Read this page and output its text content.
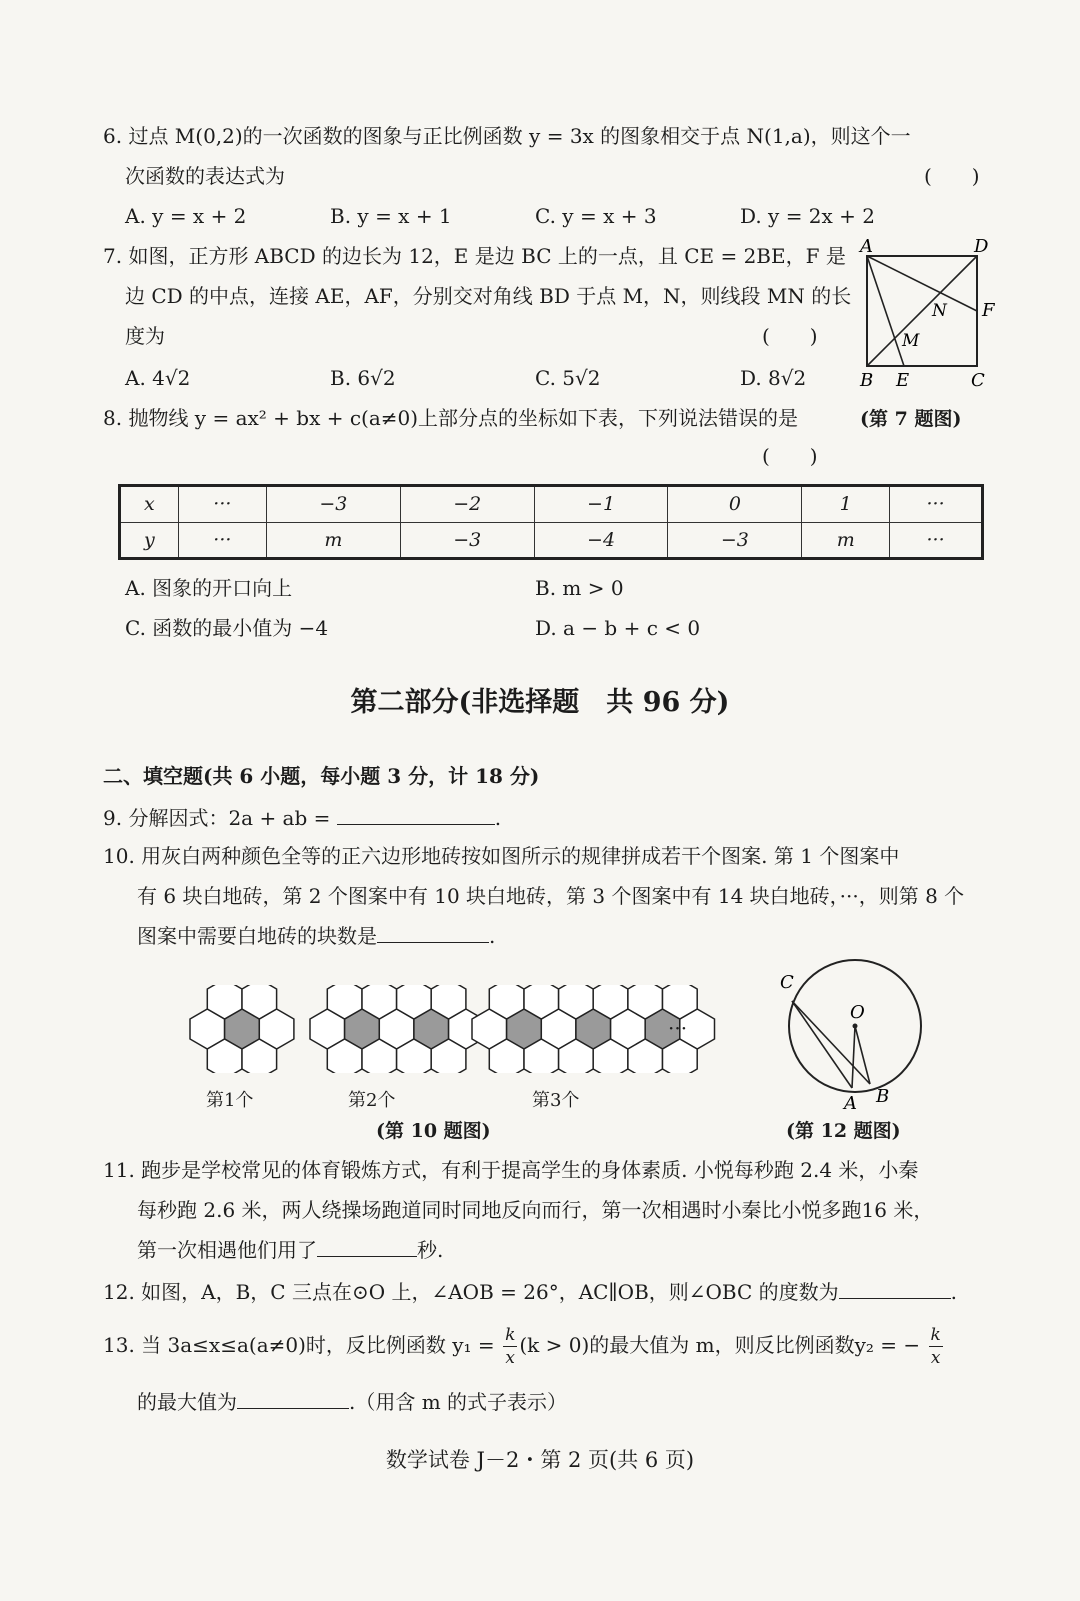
6. 过点 M(0,2)的一次函数的图象与正比例函数 y = 3x 的图象相交于点 N(1,a)，则这个一
次函数的表达式为	(　　)
A. y = x + 2	B. y = x + 1	C. y = x + 3	D. y = 2x + 2
7. 如图，正方形 ABCD 的边长为 12，E 是边 BC 上的一点，且 CE = 2BE，F 是
边 CD 的中点，连接 AE，AF，分别交对角线 BD 于点 M，N，则线段 MN 的长
度为	(　　)
A. 4√2	B. 6√2	C. 5√2	D. 8√2
A	D
N F
M
B E	C
(第 7 题图)
8. 抛物线 y = ax² + bx + c(a≠0)上部分点的坐标如下表，下列说法错误的是
(　　)
x	···	−3	−2	−1	0	1	···
y	···	m	−3	−4	−3	m	···
A. 图象的开口向上	B. m > 0
C. 函数的最小值为 −4	D. a − b + c < 0
第二部分(非选择题　共 96 分)
二、填空题(共 6 小题，每小题 3 分，计 18 分)
9. 分解因式：2a + ab =	.
10. 用灰白两种颜色全等的正六边形地砖按如图所示的规律拼成若干个图案. 第 1 个图案中
有 6 块白地砖，第 2 个图案中有 10 块白地砖，第 3 个图案中有 14 块白地砖，···，则第 8 个
图案中需要白地砖的块数是	.
···
第1个	第2个	第3个
(第 10 题图)
C
O
A B
(第 12 题图)
11. 跑步是学校常见的体育锻炼方式，有利于提高学生的身体素质. 小悦每秒跑 2.4 米，小秦
每秒跑 2.6 米，两人绕操场跑道同时同地反向而行，第一次相遇时小秦比小悦多跑16 米，
第一次相遇他们用了	秒.
12. 如图，A，B，C 三点在⊙O 上，∠AOB = 26°，AC∥OB，则∠OBC 的度数为	.
13. 当 3a≤x≤a(a≠0)时，反比例函数 $y_1 = \frac{k}{x} (k > 0)$的最大值为 m，则反比例函数y₂ = − $\frac{k}{x}$
的最大值为	.（用含 m 的式子表示）
数学试卷 J－2・第 2 页(共 6 页)
